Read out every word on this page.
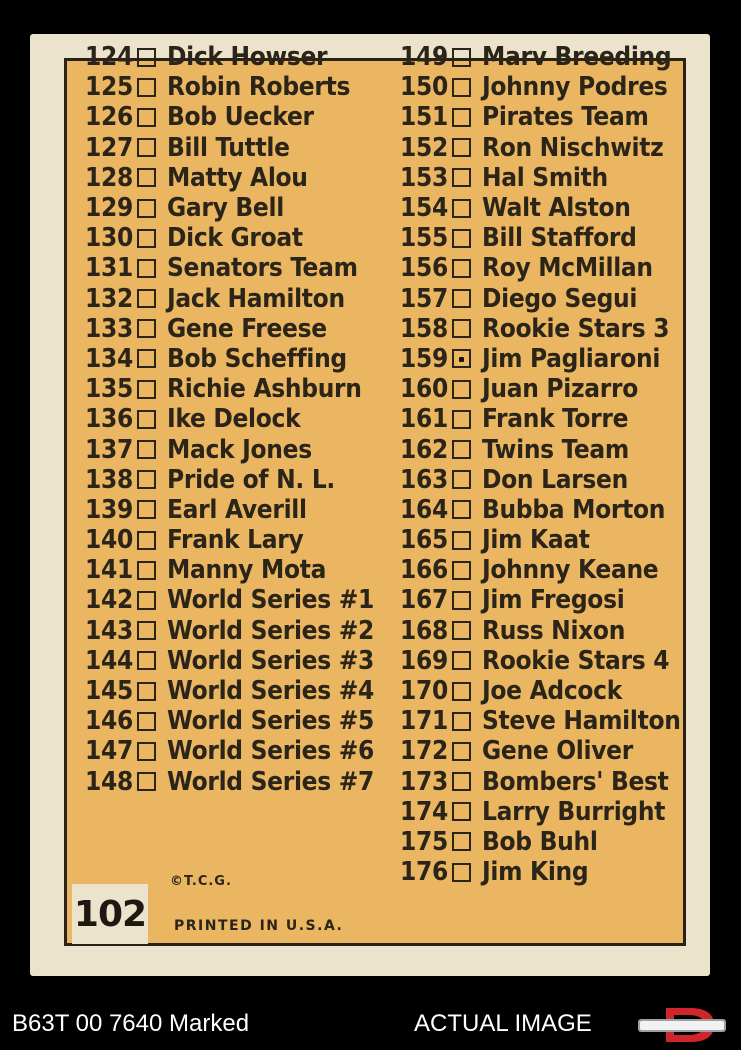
124 Dick Howser
125 Robin Roberts
126 Bob Uecker
127 Bill Tuttle
128 Matty Alou
129 Gary Bell
130 Dick Groat
131 Senators Team
132 Jack Hamilton
133 Gene Freese
134 Bob Scheffing
135 Richie Ashburn
136 Ike Delock
137 Mack Jones
138 Pride of N. L.
139 Earl Averill
140 Frank Lary
141 Manny Mota
142 World Series #1
143 World Series #2
144 World Series #3
145 World Series #4
146 World Series #5
147 World Series #6
148 World Series #7
149 Marv Breeding
150 Johnny Podres
151 Pirates Team
152 Ron Nischwitz
153 Hal Smith
154 Walt Alston
155 Bill Stafford
156 Roy McMillan
157 Diego Segui
158 Rookie Stars 3
159 Jim Pagliaroni
160 Juan Pizarro
161 Frank Torre
162 Twins Team
163 Don Larsen
164 Bubba Morton
165 Jim Kaat
166 Johnny Keane
167 Jim Fregosi
168 Russ Nixon
169 Rookie Stars 4
170 Joe Adcock
171 Steve Hamilton
172 Gene Oliver
173 Bombers' Best
174 Larry Burright
175 Bob Buhl
176 Jim King
©T.C.G.
PRINTED IN U.S.A.
102
B63T 00 7640 Marked	ACTUAL IMAGE
